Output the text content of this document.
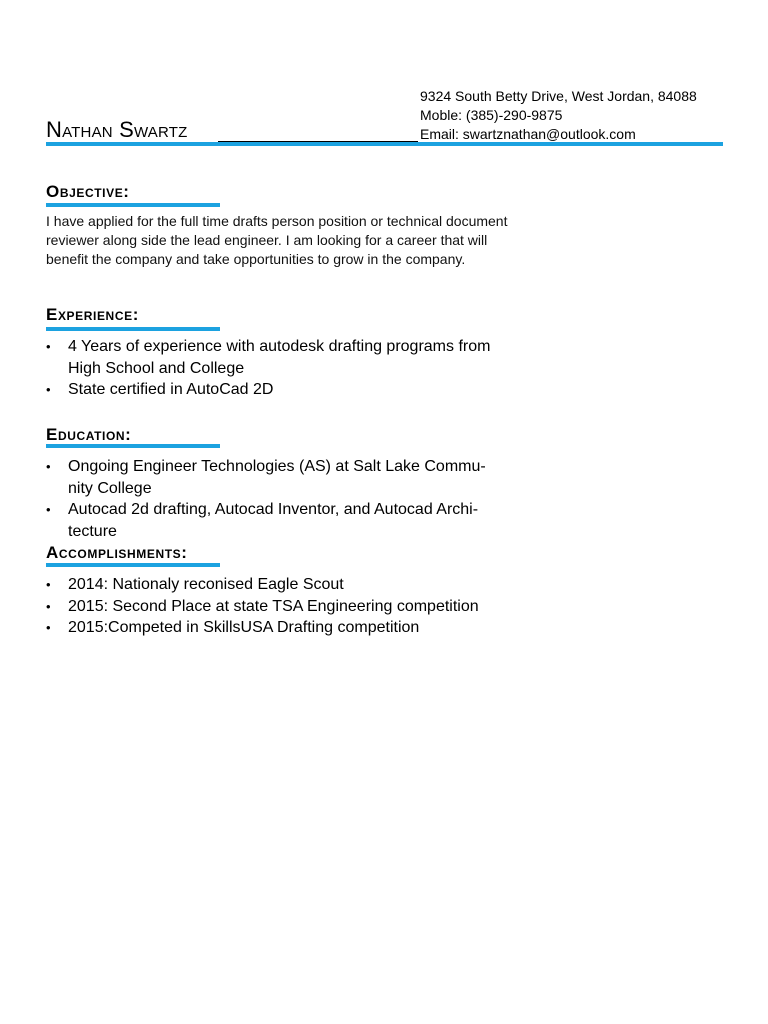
Nathan Swartz
9324 South Betty Drive, West Jordan, 84088
Moble: (385)-290-9875
Email: swartznathan@outlook.com
Objective:
I have applied for the full time drafts person position or technical document
reviewer along side the lead engineer. I am looking for a career that will
benefit the company and take opportunities to grow in the company.
Experience:
• 4 Years of experience with autodesk drafting programs from
High School and College
• State certified in AutoCad 2D
Education:
• Ongoing Engineer Technologies (AS) at Salt Lake Commu-
nity College
• Autocad 2d drafting, Autocad Inventor, and Autocad Archi-
tecture
Accomplishments:
• 2014: Nationaly reconised Eagle Scout
• 2015: Second Place at state TSA Engineering competition
• 2015:Competed in SkillsUSA Drafting competition
